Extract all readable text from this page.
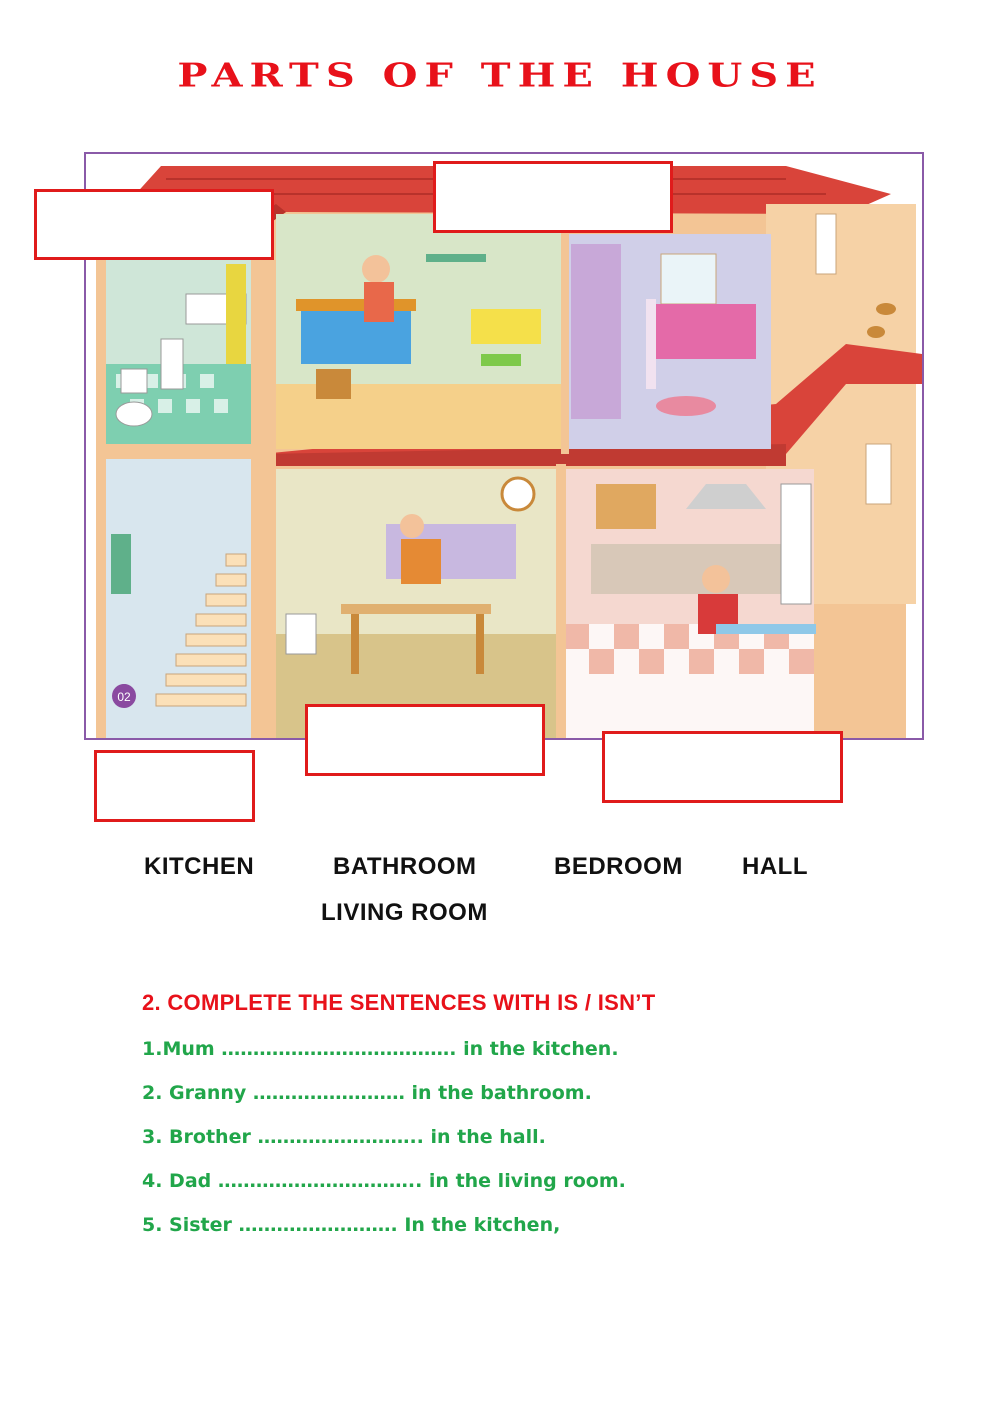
PARTS OF THE HOUSE
02
KITCHEN	BATHROOM	BEDROOM HALL
LIVING ROOM
2. COMPLETE THE SENTENCES WITH IS / ISN’T
1.Mum ………………………………. in the kitchen.
2. Granny …………………… in the bathroom.
3. Brother …………………….. in the hall.
4. Dad ………………………….. in the living room.
5. Sister ……………………. In the kitchen,
